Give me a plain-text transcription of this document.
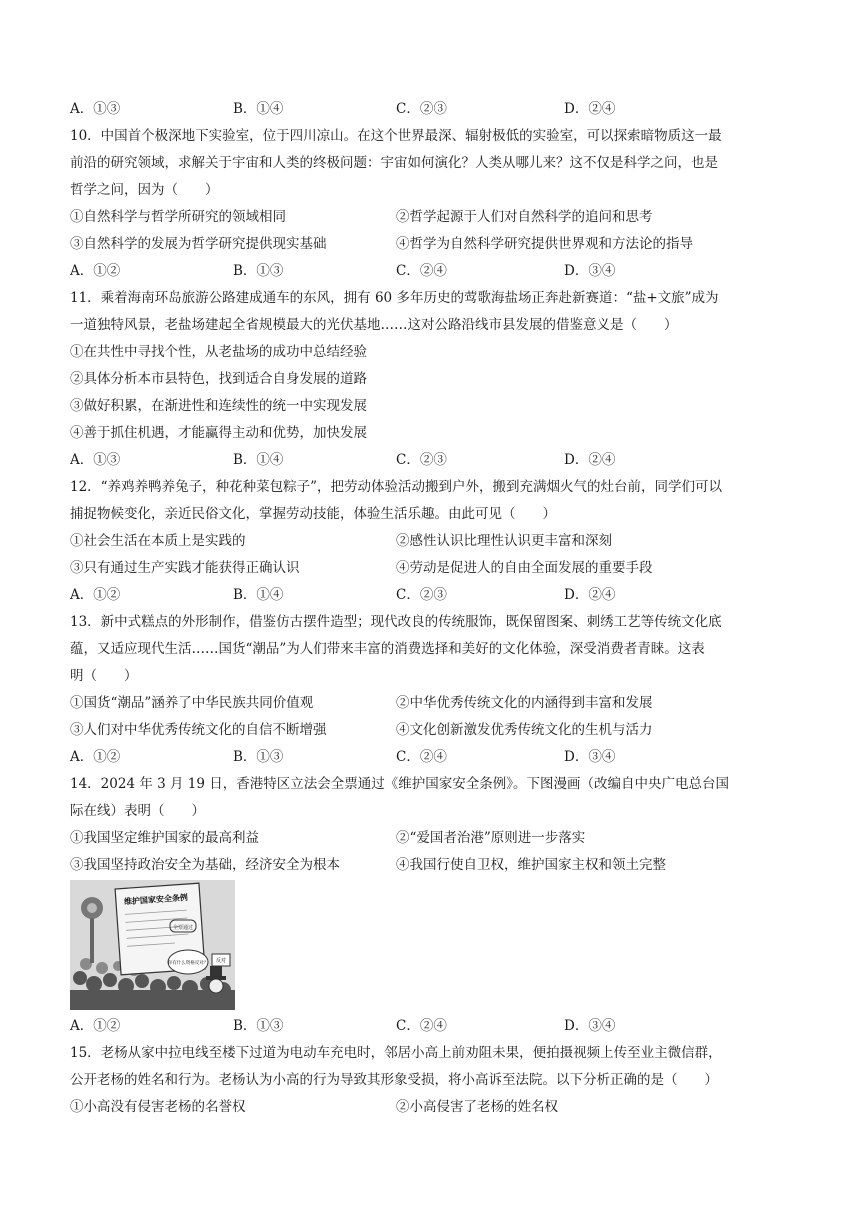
A．①③	B．①④	C．②③	D．②④
10．中国首个极深地下实验室，位于四川凉山。在这个世界最深、辐射极低的实验室，可以探索暗物质这一最
前沿的研究领域，求解关于宇宙和人类的终极问题：宇宙如何演化？人类从哪儿来？这不仅是科学之问，也是
哲学之问，因为（　　）
①自然科学与哲学所研究的领域相同	②哲学起源于人们对自然科学的追问和思考
③自然科学的发展为哲学研究提供现实基础	④哲学为自然科学研究提供世界观和方法论的指导
A．①②	B．①③	C．②④	D．③④
11．乘着海南环岛旅游公路建成通车的东风，拥有 60 多年历史的莺歌海盐场正奔赴新赛道：“盐+文旅”成为
一道独特风景，老盐场建起全省规模最大的光伏基地……这对公路沿线市县发展的借鉴意义是（　　）
①在共性中寻找个性，从老盐场的成功中总结经验
②具体分析本市县特色，找到适合自身发展的道路
③做好积累，在渐进性和连续性的统一中实现发展
④善于抓住机遇，才能赢得主动和优势，加快发展
A．①③	B．①④	C．②③	D．②④
12．“养鸡养鸭养兔子，种花种菜包粽子”，把劳动体验活动搬到户外，搬到充满烟火气的灶台前，同学们可以
捕捉物候变化，亲近民俗文化，掌握劳动技能，体验生活乐趣。由此可见（　　）
①社会生活在本质上是实践的	②感性认识比理性认识更丰富和深刻
③只有通过生产实践才能获得正确认识	④劳动是促进人的自由全面发展的重要手段
A．①②	B．①④	C．②③	D．②④
13．新中式糕点的外形制作，借鉴仿古摆件造型；现代改良的传统服饰，既保留图案、刺绣工艺等传统文化底
蕴，又适应现代生活……国货“潮品”为人们带来丰富的消费选择和美好的文化体验，深受消费者青睐。这表
明（　　）
①国货“潮品”涵养了中华民族共同价值观	②中华优秀传统文化的内涵得到丰富和发展
③人们对中华优秀传统文化的自信不断增强	④文化创新激发优秀传统文化的生机与活力
A．①②	B．①③	C．②④	D．③④
14．2024 年 3 月 19 日，香港特区立法会全票通过《维护国家安全条例》。下图漫画（改编自中央广电总台国
际在线）表明（　　）
①我国坚定维护国家的最高利益	②“爱国者治港”原则进一步落实
③我国坚持政治安全为基础，经济安全为根本	④我国行使自卫权，维护国家主权和领土完整
维护国家安全条例
全票通过
你有什么资格反对？ 反对
A．①②	B．①③	C．②④	D．③④
15．老杨从家中拉电线至楼下过道为电动车充电时，邻居小高上前劝阻未果，便拍摄视频上传至业主微信群，
公开老杨的姓名和行为。老杨认为小高的行为导致其形象受损，将小高诉至法院。以下分析正确的是（　　）
①小高没有侵害老杨的名誉权	②小高侵害了老杨的姓名权
